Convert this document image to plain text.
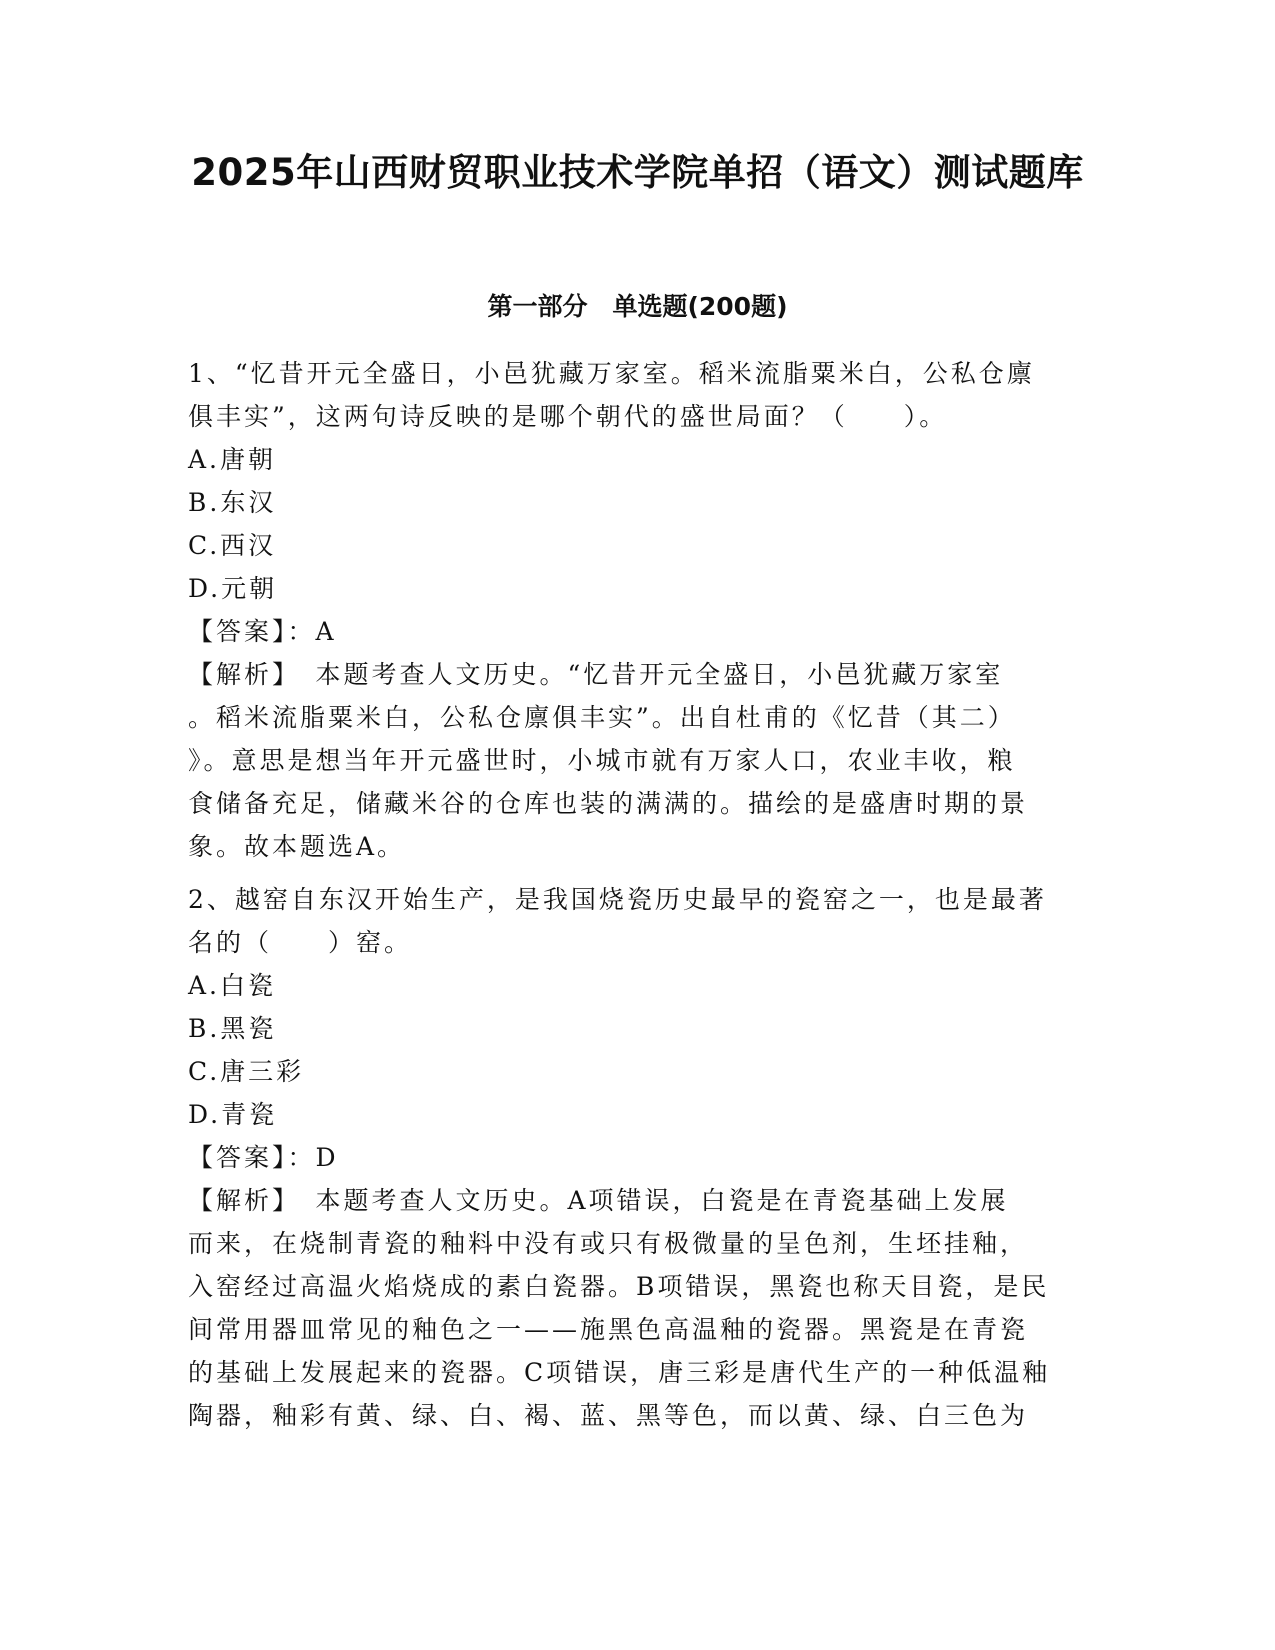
2025年山西财贸职业技术学院单招（语文）测试题库
第一部分　单选题(200题)
1、“忆昔开元全盛日，小邑犹藏万家室。稻米流脂粟米白，公私仓廪
俱丰实”，这两句诗反映的是哪个朝代的盛世局面？（　　）。
A.唐朝
B.东汉
C.西汉
D.元朝
【答案】：A
【解析】　本题考查人文历史。“忆昔开元全盛日，小邑犹藏万家室
。稻米流脂粟米白，公私仓廪俱丰实”。出自杜甫的《忆昔（其二）
》。意思是想当年开元盛世时，小城市就有万家人口，农业丰收，粮
食储备充足，储藏米谷的仓库也装的满满的。描绘的是盛唐时期的景
象。故本题选A。
2、越窑自东汉开始生产，是我国烧瓷历史最早的瓷窑之一，也是最著
名的（　　）窑。
A.白瓷
B.黑瓷
C.唐三彩
D.青瓷
【答案】：D
【解析】　本题考查人文历史。A项错误，白瓷是在青瓷基础上发展
而来，在烧制青瓷的釉料中没有或只有极微量的呈色剂，生坯挂釉，
入窑经过高温火焰烧成的素白瓷器。B项错误，黑瓷也称天目瓷，是民
间常用器皿常见的釉色之一——施黑色高温釉的瓷器。黑瓷是在青瓷
的基础上发展起来的瓷器。C项错误，唐三彩是唐代生产的一种低温釉
陶器，釉彩有黄、绿、白、褐、蓝、黑等色，而以黄、绿、白三色为
